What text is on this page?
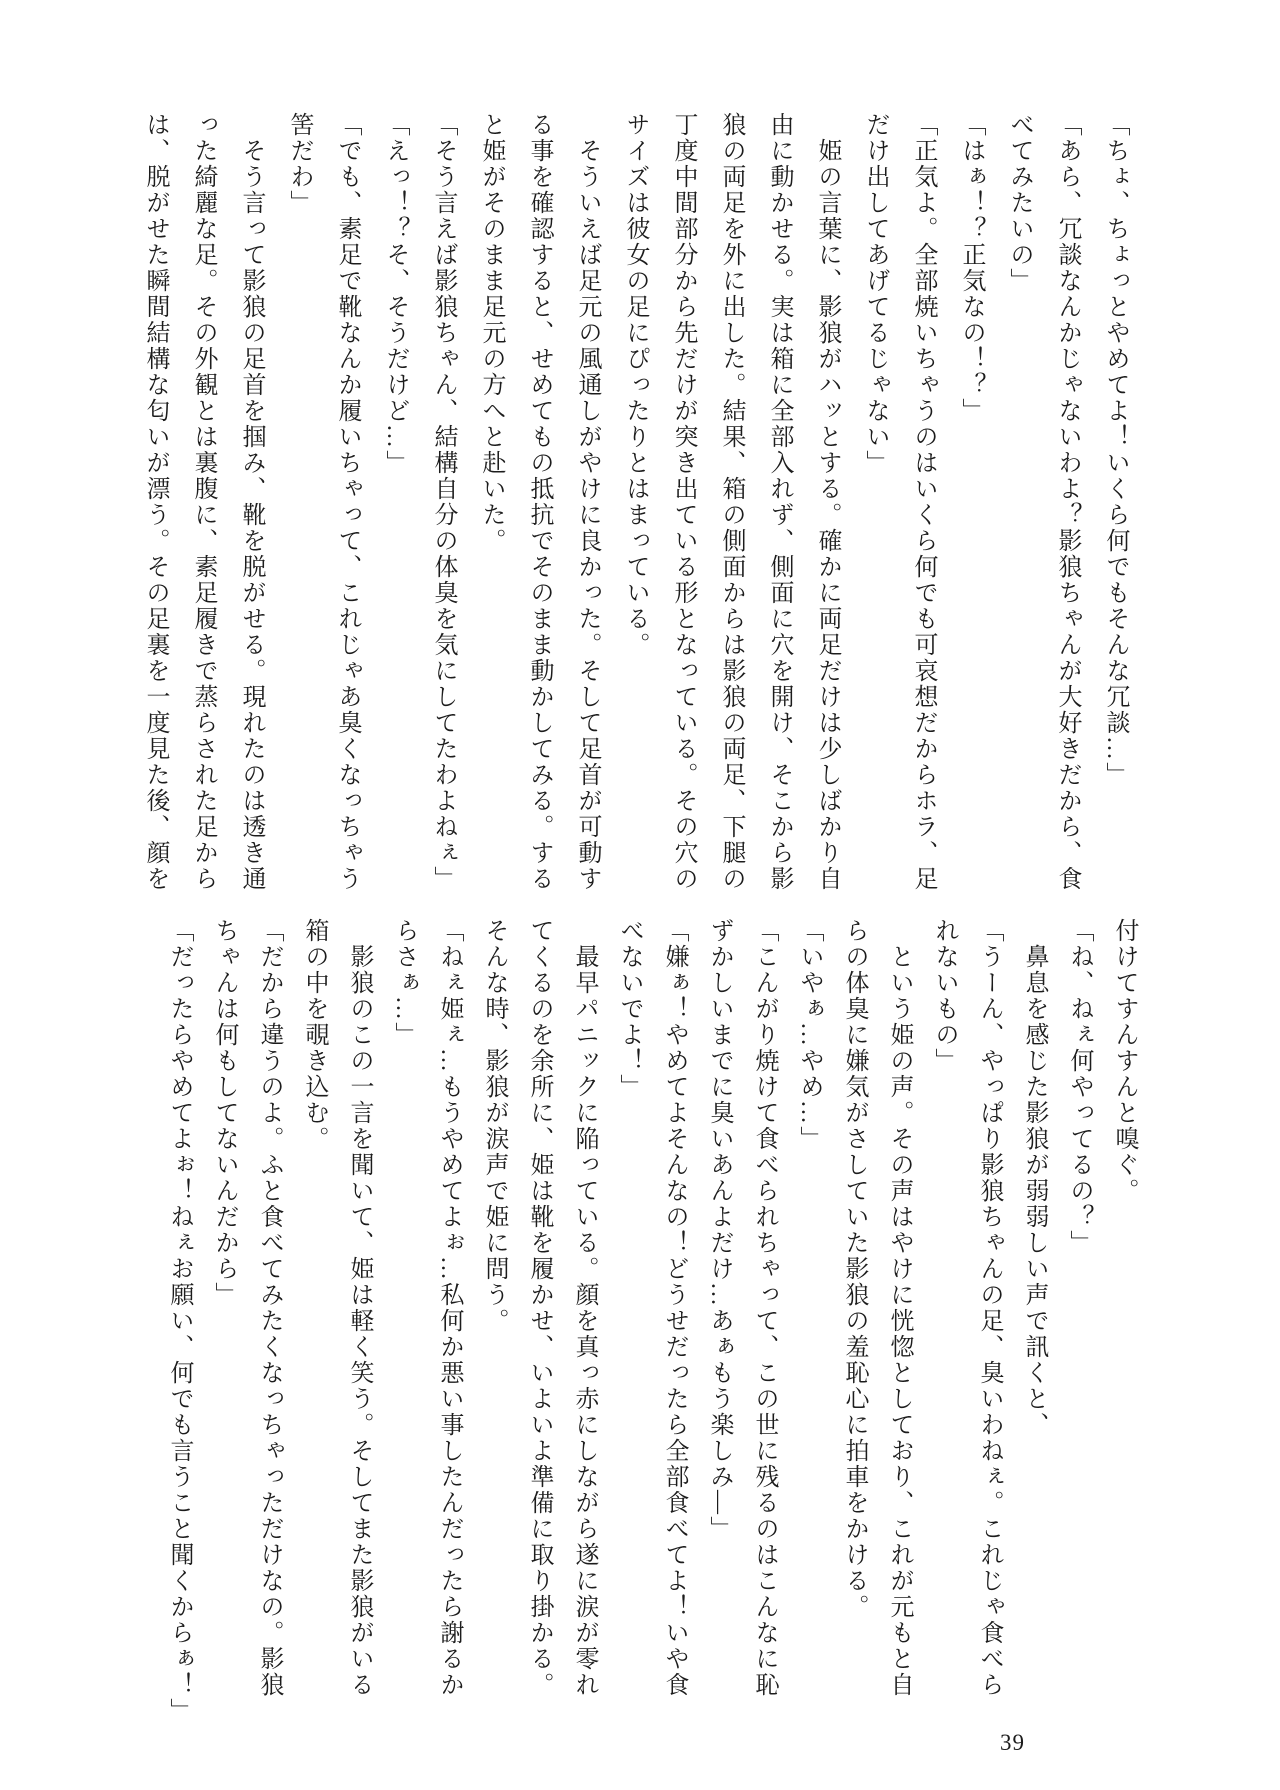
「ちょ、ちょっとやめてよ！いくら何でもそんな冗談…」
「あら、冗談なんかじゃないわよ？影狼ちゃんが大好きだから、食
べてみたいの」
「はぁ！？正気なの！？」
「正気よ。全部焼いちゃうのはいくら何でも可哀想だからホラ、足
だけ出してあげてるじゃない」
姫の言葉に、影狼がハッとする。確かに両足だけは少しばかり自
由に動かせる。実は箱に全部入れず、側面に穴を開け、そこから影
狼の両足を外に出した。結果、箱の側面からは影狼の両足、下腿の
丁度中間部分から先だけが突き出ている形となっている。その穴の
サイズは彼女の足にぴったりとはまっている。
そういえば足元の風通しがやけに良かった。そして足首が可動す
る事を確認すると、せめてもの抵抗でそのまま動かしてみる。する
と姫がそのまま足元の方へと赴いた。
「そう言えば影狼ちゃん、結構自分の体臭を気にしてたわよねぇ」
「えっ！？そ、そうだけど…」
「でも、素足で靴なんか履いちゃって、これじゃあ臭くなっちゃう
筈だわ」
そう言って影狼の足首を掴み、靴を脱がせる。現れたのは透き通
った綺麗な足。その外観とは裏腹に、素足履きで蒸らされた足から
は、脱がせた瞬間結構な匂いが漂う。その足裏を一度見た後、顔を
付けてすんすんと嗅ぐ。
「ね、ねぇ何やってるの？」
鼻息を感じた影狼が弱弱しい声で訊くと、
「うーん、やっぱり影狼ちゃんの足、臭いわねぇ。これじゃ食べら
れないもの」
という姫の声。その声はやけに恍惚としており、これが元もと自
らの体臭に嫌気がさしていた影狼の羞恥心に拍車をかける。
「いやぁ…やめ…」
「こんがり焼けて食べられちゃって、この世に残るのはこんなに恥
ずかしいまでに臭いあんよだけ…あぁもう楽しみ―」
「嫌ぁ！やめてよそんなの！どうせだったら全部食べてよ！いや食
べないでよ！」
最早パニックに陥っている。顔を真っ赤にしながら遂に涙が零れ
てくるのを余所に、姫は靴を履かせ、いよいよ準備に取り掛かる。
そんな時、影狼が涙声で姫に問う。
「ねぇ姫ぇ…もうやめてよぉ…私何か悪い事したんだったら謝るか
らさぁ…」
影狼のこの一言を聞いて、姫は軽く笑う。そしてまた影狼がいる
箱の中を覗き込む。
「だから違うのよ。ふと食べてみたくなっちゃっただけなの。影狼
ちゃんは何もしてないんだから」
「だったらやめてよぉ！ねぇお願い、何でも言うこと聞くからぁ！」
39
